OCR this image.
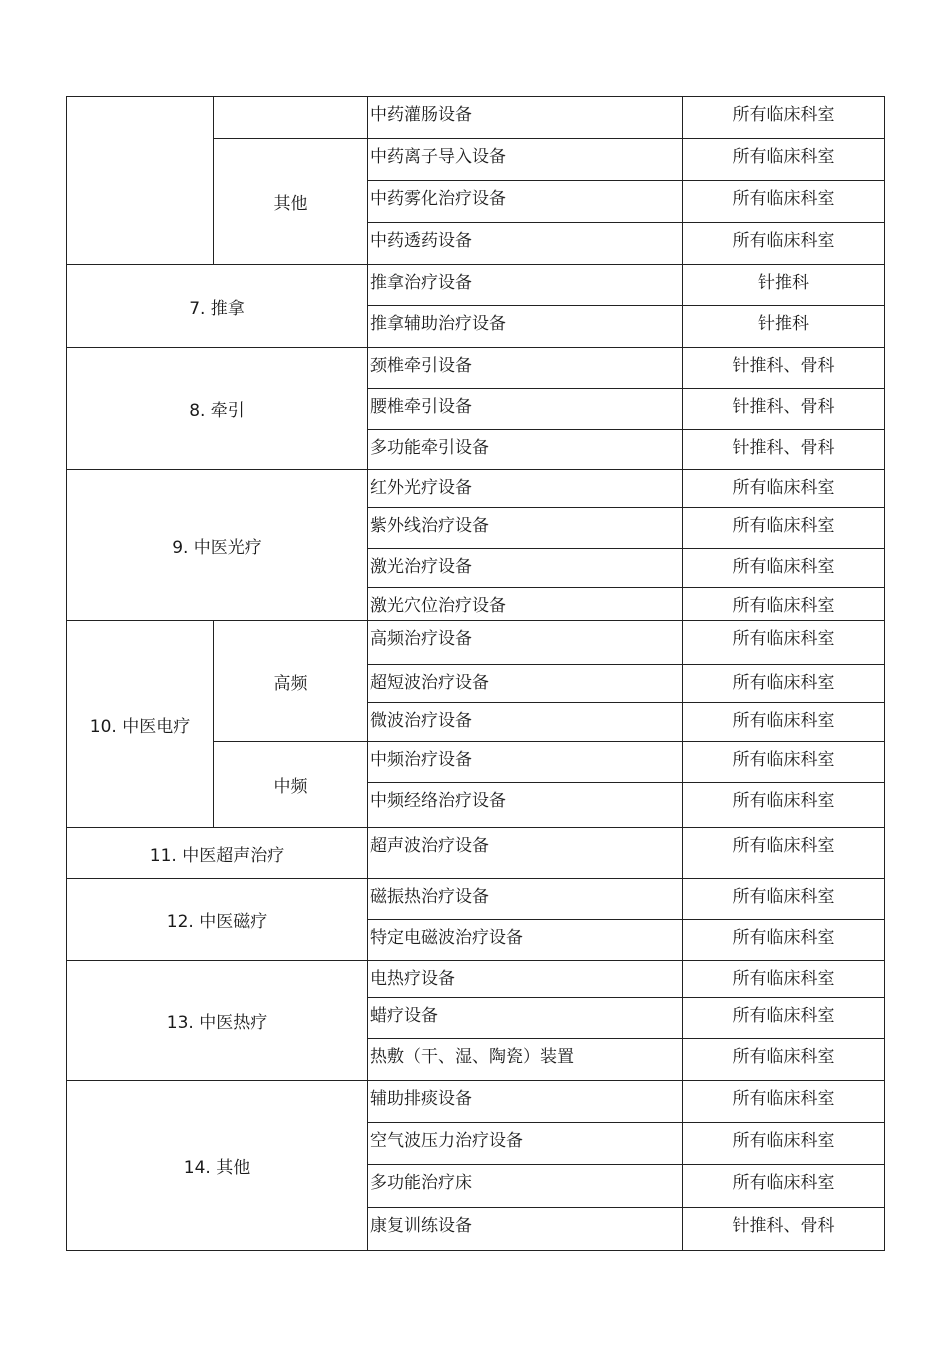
		中药灌肠设备	所有临床科室
	其他	中药离子导入设备	所有临床科室
		中药雾化治疗设备	所有临床科室
		中药透药设备	所有临床科室
7. 推拿		推拿治疗设备	针推科
		推拿辅助治疗设备	针推科
8. 牵引		颈椎牵引设备	针推科、骨科
		腰椎牵引设备	针推科、骨科
		多功能牵引设备	针推科、骨科
9. 中医光疗		红外光疗设备	所有临床科室
		紫外线治疗设备	所有临床科室
		激光治疗设备	所有临床科室
		激光穴位治疗设备	所有临床科室
10. 中医电疗	高频	高频治疗设备	所有临床科室
		超短波治疗设备	所有临床科室
		微波治疗设备	所有临床科室
	中频	中频治疗设备	所有临床科室
		中频经络治疗设备	所有临床科室
11. 中医超声治疗		超声波治疗设备	所有临床科室
12. 中医磁疗		磁振热治疗设备	所有临床科室
		特定电磁波治疗设备	所有临床科室
13. 中医热疗		电热疗设备	所有临床科室
		蜡疗设备	所有临床科室
		热敷（干、湿、陶瓷）装置	所有临床科室
14. 其他		辅助排痰设备	所有临床科室
		空气波压力治疗设备	所有临床科室
		多功能治疗床	所有临床科室
		康复训练设备	针推科、骨科
